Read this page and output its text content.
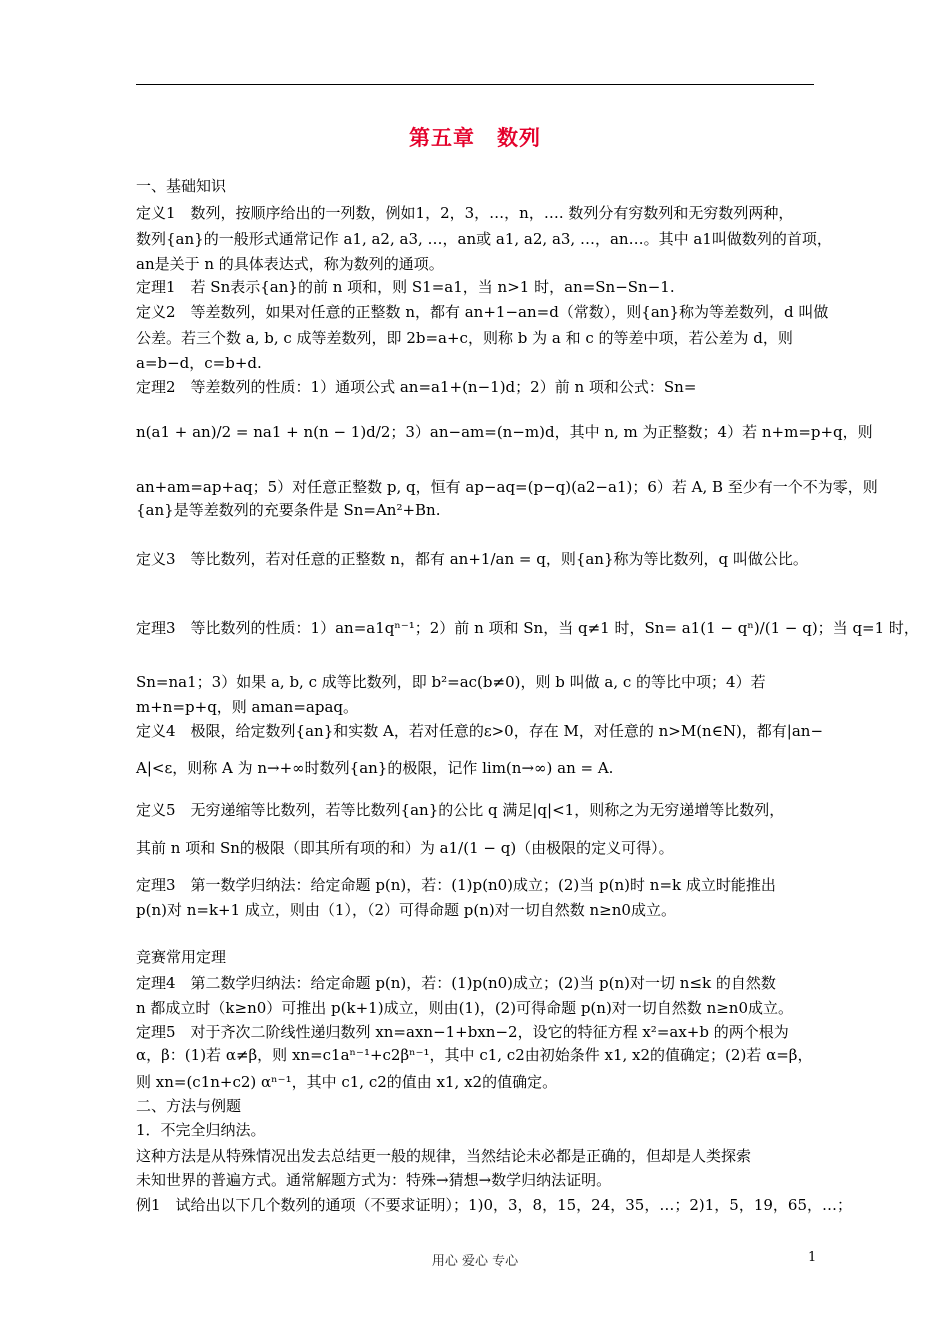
第五章　数列
一、基础知识
定义1　数列，按顺序给出的一列数，例如1，2，3，…，n，…. 数列分有穷数列和无穷数列两种，
数列{an}的一般形式通常记作 a1, a2, a3, …，an或 a1, a2, a3, …，an…。其中 a1叫做数列的首项，
an是关于 n 的具体表达式，称为数列的通项。
定理1　若 Sn表示{an}的前 n 项和，则 S1=a1，当 n>1 时，an=Sn−Sn−1.
定义2　等差数列，如果对任意的正整数 n，都有 an+1−an=d（常数），则{an}称为等差数列，d 叫做
公差。若三个数 a, b, c 成等差数列，即 2b=a+c，则称 b 为 a 和 c 的等差中项，若公差为 d，则
a=b−d，c=b+d.
定理2　等差数列的性质：1）通项公式 an=a1+(n−1)d；2）前 n 项和公式：Sn=
n(a1 + an)/2 = na1 + n(n − 1)d/2；3）an−am=(n−m)d，其中 n, m 为正整数；4）若 n+m=p+q，则
an+am=ap+aq；5）对任意正整数 p, q，恒有 ap−aq=(p−q)(a2−a1)；6）若 A, B 至少有一个不为零，则
{an}是等差数列的充要条件是 Sn=An²+Bn.
定义3　等比数列，若对任意的正整数 n，都有 an+1/an = q，则{an}称为等比数列，q 叫做公比。
定理3　等比数列的性质：1）an=a1qⁿ⁻¹；2）前 n 项和 Sn，当 q≠1 时，Sn= a1(1 − qⁿ)/(1 − q)；当 q=1 时，
Sn=na1；3）如果 a, b, c 成等比数列，即 b²=ac(b≠0)，则 b 叫做 a, c 的等比中项；4）若
m+n=p+q，则 aman=apaq。
定义4　极限，给定数列{an}和实数 A，若对任意的ε>0，存在 M，对任意的 n>M(n∈N)，都有|an−
A|<ε，则称 A 为 n→+∞时数列{an}的极限，记作 lim(n→∞) an = A.
定义5　无穷递缩等比数列，若等比数列{an}的公比 q 满足|q|<1，则称之为无穷递增等比数列，
其前 n 项和 Sn的极限（即其所有项的和）为 a1/(1 − q)（由极限的定义可得）。
定理3　第一数学归纳法：给定命题 p(n)，若：(1)p(n0)成立；(2)当 p(n)时 n=k 成立时能推出
p(n)对 n=k+1 成立，则由（1），（2）可得命题 p(n)对一切自然数 n≥n0成立。
竞赛常用定理
定理4　第二数学归纳法：给定命题 p(n)，若：(1)p(n0)成立；(2)当 p(n)对一切 n≤k 的自然数
n 都成立时（k≥n0）可推出 p(k+1)成立，则由(1)，(2)可得命题 p(n)对一切自然数 n≥n0成立。
定理5　对于齐次二阶线性递归数列 xn=axn−1+bxn−2，设它的特征方程 x²=ax+b 的两个根为
α，β：(1)若 α≠β，则 xn=c1aⁿ⁻¹+c2βⁿ⁻¹，其中 c1, c2由初始条件 x1, x2的值确定；(2)若 α=β，
则 xn=(c1n+c2) αⁿ⁻¹，其中 c1, c2的值由 x1, x2的值确定。
二、方法与例题
1．不完全归纳法。
这种方法是从特殊情况出发去总结更一般的规律，当然结论未必都是正确的，但却是人类探索
未知世界的普遍方式。通常解题方式为：特殊→猜想→数学归纳法证明。
例1　试给出以下几个数列的通项（不要求证明）；1)0，3，8，15，24，35，…；2)1，5，19，65，…；
用心 爱心 专心	1
